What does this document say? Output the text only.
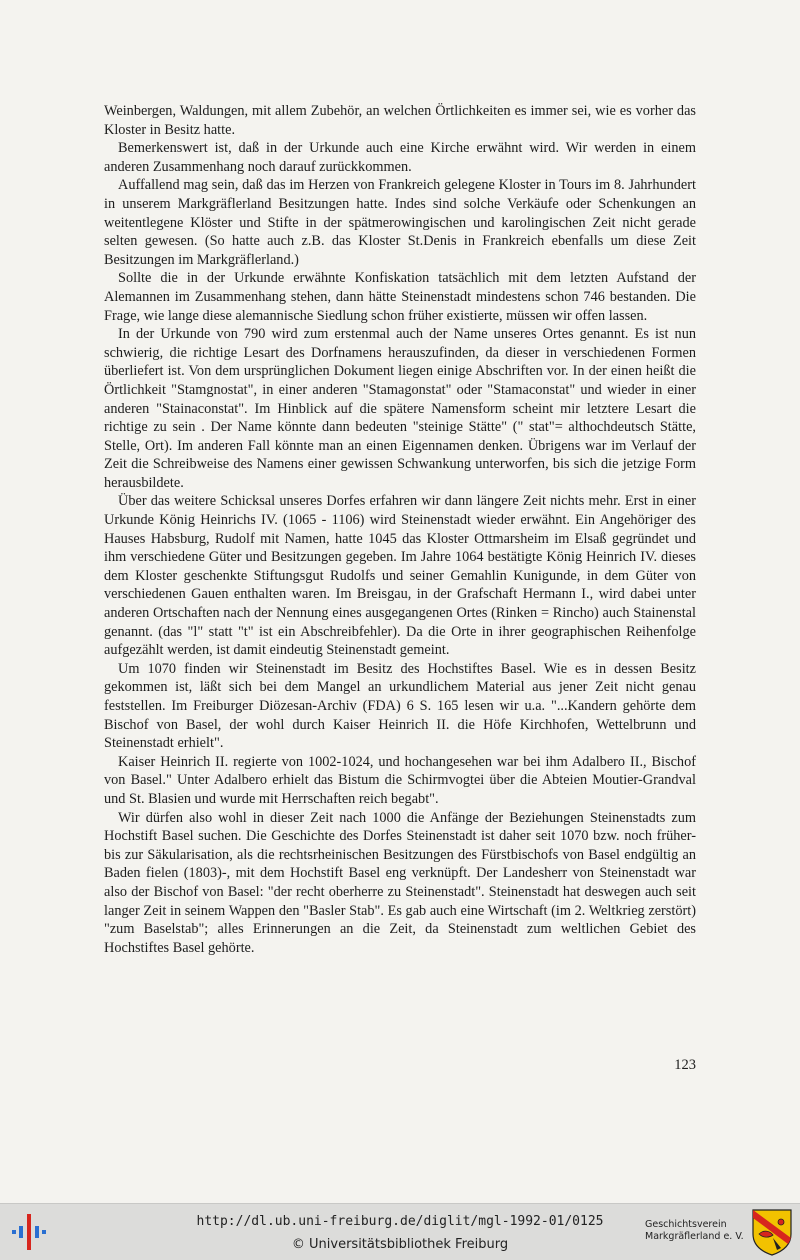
Weinbergen, Waldungen, mit allem Zubehör, an welchen Örtlichkeiten es immer sei, wie es vorher das Kloster in Besitz hatte.

Bemerkenswert ist, daß in der Urkunde auch eine Kirche erwähnt wird. Wir werden in einem anderen Zusammenhang noch darauf zurückkommen.

Auffallend mag sein, daß das im Herzen von Frankreich gelegene Kloster in Tours im 8. Jahrhundert in unserem Markgräflerland Besitzungen hatte. Indes sind solche Verkäufe oder Schenkungen an weitentlegene Klöster und Stifte in der spätmerowingischen und karolingischen Zeit nicht gerade selten gewesen. (So hatte auch z.B. das Kloster St.Denis in Frankreich ebenfalls um diese Zeit Besitzungen im Markgräflerland.)

Sollte die in der Urkunde erwähnte Konfiskation tatsächlich mit dem letzten Aufstand der Alemannen im Zusammenhang stehen, dann hätte Steinenstadt mindestens schon 746 bestanden. Die Frage, wie lange diese alemannische Siedlung schon früher existierte, müssen wir offen lassen.

In der Urkunde von 790 wird zum erstenmal auch der Name unseres Ortes genannt. Es ist nun schwierig, die richtige Lesart des Dorfnamens herauszufinden, da dieser in verschiedenen Formen überliefert ist. Von dem ursprünglichen Dokument liegen einige Abschriften vor. In der einen heißt die Örtlichkeit "Stamgnostat", in einer anderen "Stamagonstat" oder "Stamaconstat" und wieder in einer anderen "Stainaconstat". Im Hinblick auf die spätere Namensform scheint mir letztere Lesart die richtige zu sein . Der Name könnte dann bedeuten "steinige Stätte" (" stat"= althochdeutsch Stätte, Stelle, Ort). Im anderen Fall könnte man an einen Eigennamen denken. Übrigens war im Verlauf der Zeit die Schreibweise des Namens einer gewissen Schwankung unterworfen, bis sich die jetzige Form herausbildete.

Über das weitere Schicksal unseres Dorfes erfahren wir dann längere Zeit nichts mehr. Erst in einer Urkunde König Heinrichs IV. (1065 - 1106) wird Steinenstadt wieder erwähnt. Ein Angehöriger des Hauses Habsburg, Rudolf mit Namen, hatte 1045 das Kloster Ottmarsheim im Elsaß gegründet und ihm verschiedene Güter und Besitzungen gegeben. Im Jahre 1064 bestätigte König Heinrich IV. dieses dem Kloster geschenkte Stiftungsgut Rudolfs und seiner Gemahlin Kunigunde, in dem Güter von verschiedenen Gauen enthalten waren. Im Breisgau, in der Grafschaft Hermann I., wird dabei unter anderen Ortschaften nach der Nennung eines ausgegangenen Ortes (Rinken = Rincho) auch Stainenstal genannt. (das "l" statt "t" ist ein Abschreibfehler). Da die Orte in ihrer geographischen Reihenfolge aufgezählt werden, ist damit eindeutig Steinenstadt gemeint.

Um 1070 finden wir Steinenstadt im Besitz des Hochstiftes Basel. Wie es in dessen Besitz gekommen ist, läßt sich bei dem Mangel an urkundlichem Material aus jener Zeit nicht genau feststellen. Im Freiburger Diözesan-Archiv (FDA) 6 S. 165 lesen wir u.a. "...Kandern gehörte dem Bischof von Basel, der wohl durch Kaiser Heinrich II. die Höfe Kirchhofen, Wettelbrunn und Steinenstadt erhielt".

Kaiser Heinrich II. regierte von 1002-1024, und hochangesehen war bei ihm Adalbero II., Bischof von Basel." Unter Adalbero erhielt das Bistum die Schirmvogtei über die Abteien Moutier-Grandval und St. Blasien und wurde mit Herrschaften reich begabt".

Wir dürfen also wohl in dieser Zeit nach 1000 die Anfänge der Beziehungen Steinenstadts zum Hochstift Basel suchen. Die Geschichte des Dorfes Steinenstadt ist daher seit 1070 bzw. noch früher- bis zur Säkularisation, als die rechtsrheinischen Besitzungen des Fürstbischofs von Basel endgültig an Baden fielen (1803)-, mit dem Hochstift Basel eng verknüpft. Der Landesherr von Steinenstadt war also der Bischof von Basel: "der recht oberherre zu Steinenstadt". Steinenstadt hat deswegen auch seit langer Zeit in seinem Wappen den "Basler Stab". Es gab auch eine Wirtschaft (im 2. Weltkrieg zerstört) "zum Baselstab"; alles Erinnerungen an die Zeit, da Steinenstadt zum weltlichen Gebiet des Hochstiftes Basel gehörte.

123
http://dl.ub.uni-freiburg.de/diglit/mgl-1992-01/0125
© Universitätsbibliothek Freiburg
Geschichtsverein
Markgräflerland e. V.
